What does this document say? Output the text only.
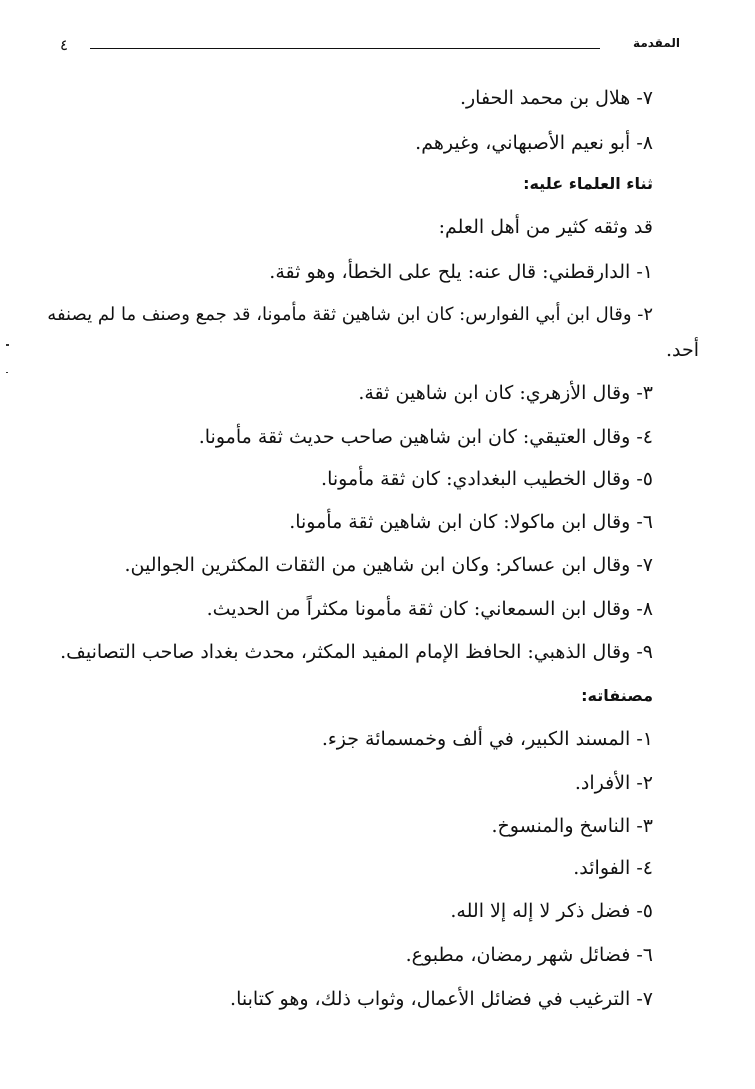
المقدمة
٤
٧- هلال بن محمد الحفار.
٨- أبو نعيم الأصبهاني، وغيرهم.
ثناء العلماء عليه:
قد وثقه كثير من أهل العلم:
١- الدارقطني: قال عنه: يلح على الخطأ، وهو ثقة.
٢- وقال ابن أبي الفوارس: كان ابن شاهين ثقة مأمونا، قد جمع وصنف ما لم يصنفه
أحد.
٣- وقال الأزهري: كان ابن شاهين ثقة.
٤- وقال العتيقي: كان ابن شاهين صاحب حديث ثقة مأمونا.
٥- وقال الخطيب البغدادي: كان ثقة مأمونا.
٦- وقال ابن ماكولا: كان ابن شاهين ثقة مأمونا.
٧- وقال ابن عساكر: وكان ابن شاهين من الثقات المكثرين الجوالين.
٨- وقال ابن السمعاني: كان ثقة مأمونا مكثراً من الحديث.
٩- وقال الذهبي: الحافظ الإمام المفيد المكثر، محدث بغداد صاحب التصانيف.
مصنفاته:
١- المسند الكبير، في ألف وخمسمائة جزء.
٢- الأفراد.
٣- الناسخ والمنسوخ.
٤- الفوائد.
٥- فضل ذكر لا إله إلا الله.
٦- فضائل شهر رمضان، مطبوع.
٧- الترغيب في فضائل الأعمال، وثواب ذلك، وهو كتابنا.
